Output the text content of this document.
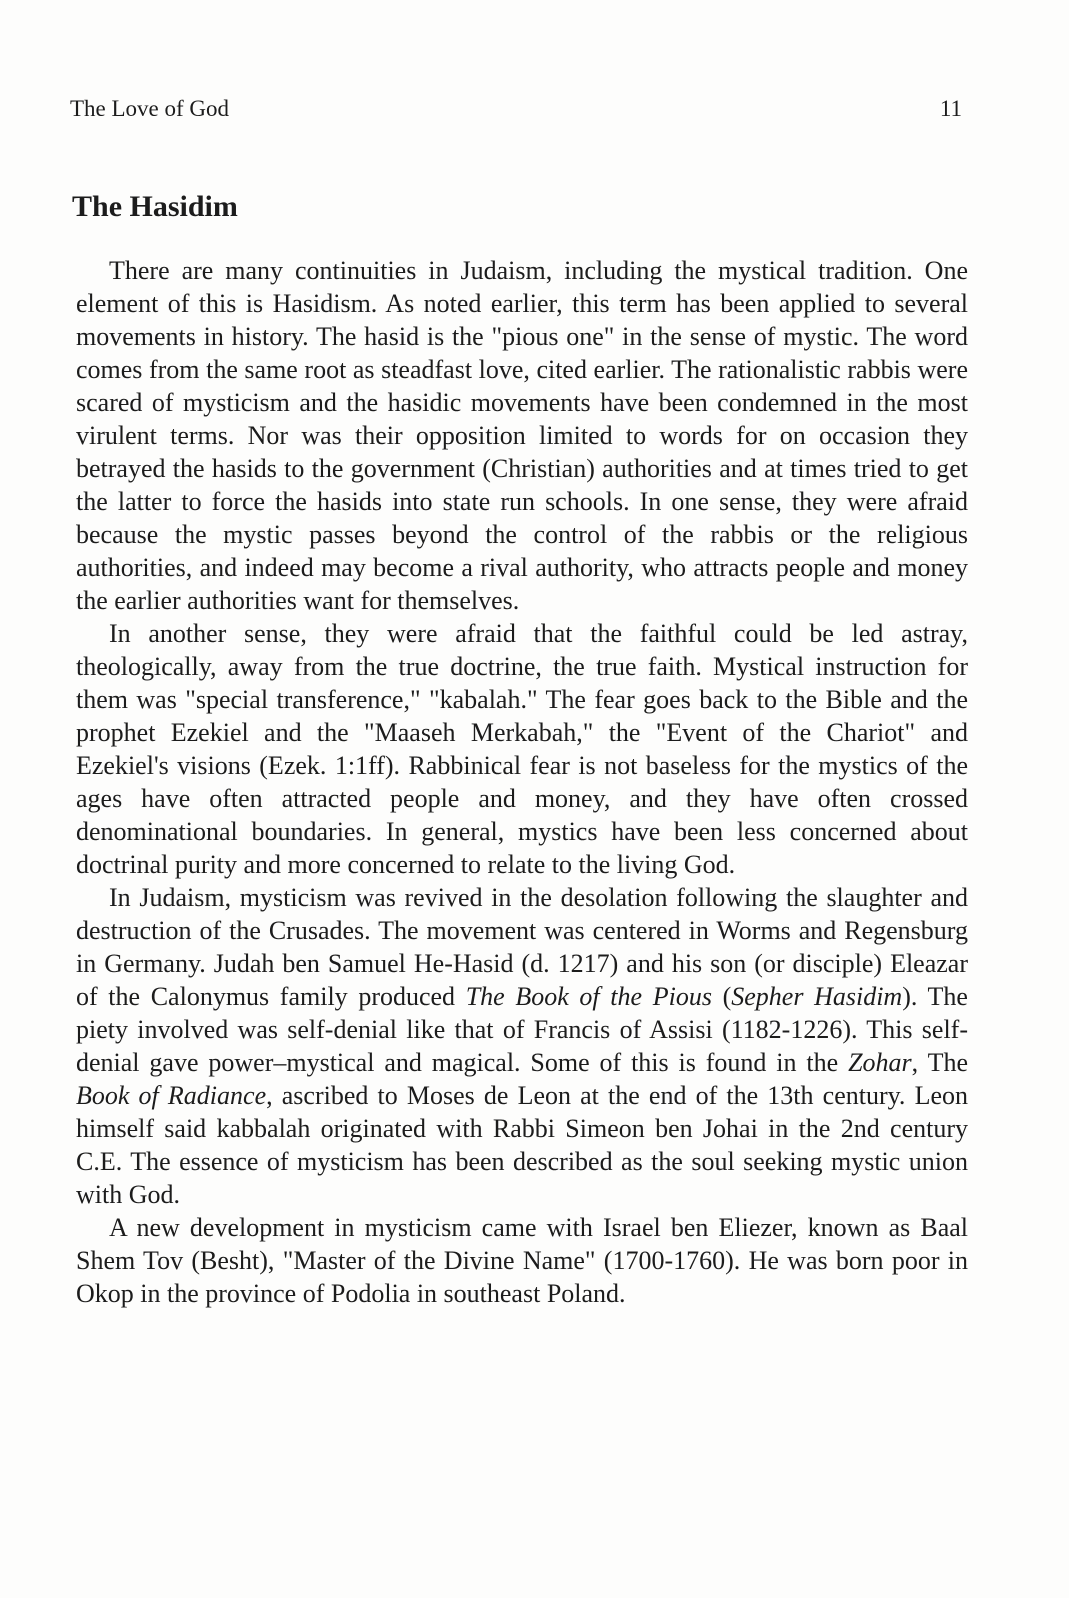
The Love of God	11
The Hasidim

There are many continuities in Judaism, including the mystical tradition. One element of this is Hasidism. As noted earlier, this term has been applied to several movements in history. The hasid is the "pious one" in the sense of mystic. The word comes from the same root as steadfast love, cited earlier. The rationalistic rabbis were scared of mysticism and the hasidic movements have been condemned in the most virulent terms. Nor was their opposition limited to words for on occasion they betrayed the hasids to the government (Christian) authorities and at times tried to get the latter to force the hasids into state run schools. In one sense, they were afraid because the mystic passes beyond the control of the rabbis or the religious authorities, and indeed may become a rival authority, who attracts people and money the earlier authorities want for themselves.

In another sense, they were afraid that the faithful could be led astray, theologically, away from the true doctrine, the true faith. Mystical instruction for them was "special transference," "kabalah." The fear goes back to the Bible and the prophet Ezekiel and the "Maaseh Merkabah," the "Event of the Chariot" and Ezekiel's visions (Ezek. 1:1ff). Rabbinical fear is not baseless for the mystics of the ages have often attracted people and money, and they have often crossed denominational boundaries. In general, mystics have been less concerned about doctrinal purity and more concerned to relate to the living God.

In Judaism, mysticism was revived in the desolation following the slaughter and destruction of the Crusades. The movement was centered in Worms and Regensburg in Germany. Judah ben Samuel He-Hasid (d. 1217) and his son (or disciple) Eleazar of the Calonymus family produced The Book of the Pious (Sepher Hasidim). The piety involved was self-denial like that of Francis of Assisi (1182-1226). This self-denial gave power–mystical and magical. Some of this is found in the Zohar, The Book of Radiance, ascribed to Moses de Leon at the end of the 13th century. Leon himself said kabbalah originated with Rabbi Simeon ben Johai in the 2nd century C.E. The essence of mysticism has been described as the soul seeking mystic union with God.

A new development in mysticism came with Israel ben Eliezer, known as Baal Shem Tov (Besht), "Master of the Divine Name" (1700-1760). He was born poor in Okop in the province of Podolia in southeast Poland.
